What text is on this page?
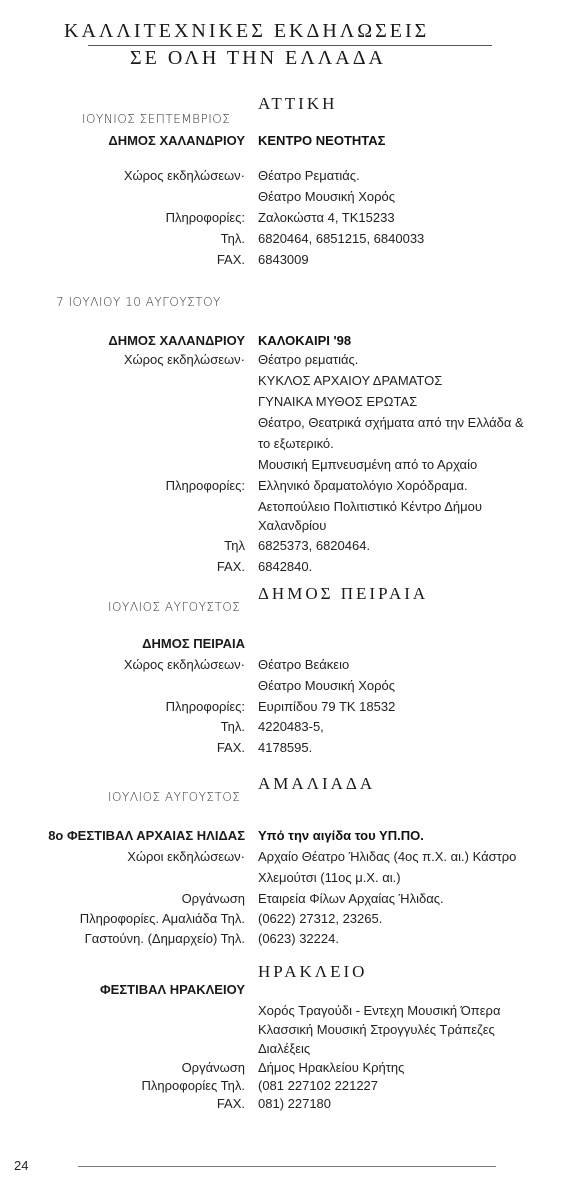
ΚΑΛΛΙΤΕΧΝΙΚΕΣ ΕΚΔΗΛΩΣΕΙΣ
ΣΕ ΟΛΗ ΤΗΝ ΕΛΛΑΔΑ
ΑΤΤΙΚΗ
ΙΟΥΝΙΟΣ ΣΕΠΤΕΜΒΡΙΟΣ
ΔΗΜΟΣ ΧΑΛΑΝΔΡΙΟΥ ΚΕΝΤΡΟ ΝΕΟΤΗΤΑΣ
Χώρος εκδηλώσεων· Θέατρο Ρεματιάς.
Θέατρο Μουσική Χορός
Πληροφορίες: Ζαλοκώστα 4, ΤΚ15233
Τηλ. 6820464, 6851215, 6840033
FAX. 6843009
7 ΙΟΥΛΙΟΥ 10 ΑΥΓΟΥΣΤΟΥ
ΔΗΜΟΣ ΧΑΛΑΝΔΡΙΟΥ ΚΑΛΟΚΑΙΡΙ '98
Χώρος εκδηλώσεων· Θέατρο ρεματιάς.
ΚΥΚΛΟΣ ΑΡΧΑΙΟΥ ΔΡΑΜΑΤΟΣ
ΓΥΝΑΙΚΑ ΜΥΘΟΣ ΕΡΩΤΑΣ
Θέατρο, Θεατρικά σχήματα από την Ελλάδα &
το εξωτερικό.
Μουσική Εμπνευσμένη από το Αρχαίο
Πληροφορίες: Ελληνικό δραματολόγιο Χορόδραμα.
Αετοπούλειο Πολιτιστικό Κέντρο Δήμου
Χαλανδρίου
Τηλ 6825373, 6820464.
FAX. 6842840.
ΔΗΜΟΣ ΠΕΙΡΑΙΑ
ΙΟΥΛΙΟΣ ΑΥΓΟΥΣΤΟΣ
ΔΗΜΟΣ ΠΕΙΡΑΙΑ
Χώρος εκδηλώσεων· Θέατρο Βεάκειο
Θέατρο Μουσική Χορός
Πληροφορίες: Ευριπίδου 79 ΤΚ 18532
Τηλ. 4220483-5,
FAX. 4178595.
ΑΜΑΛΙΑΔΑ
ΙΟΥΛΙΟΣ ΑΥΓΟΥΣΤΟΣ
8ο ΦΕΣΤΙΒΑΛ ΑΡΧΑΙΑΣ ΗΛΙΔΑΣ Υπό την αιγίδα του ΥΠ.ΠΟ.
Χώροι εκδηλώσεων· Αρχαίο Θέατρο Ήλιδας (4ος π.Χ. αι.) Κάστρο
Χλεμούτσι (11ος μ.Χ. αι.)
Οργάνωση Εταιρεία Φίλων Αρχαίας Ήλιδας.
Πληροφορίες. Αμαλιάδα Τηλ. (0622) 27312, 23265.
Γαστούνη. (Δημαρχείο) Τηλ. (0623) 32224.
ΗΡΑΚΛΕΙΟ
ΦΕΣΤΙΒΑΛ ΗΡΑΚΛΕΙΟΥ
Χορός Τραγούδι - Εντεχη Μουσική Όπερα
Κλασσική Μουσική Στρογγυλές Τράπεζες
Διαλέξεις
Οργάνωση Δήμος Ηρακλείου Κρήτης
Πληροφορίες Τηλ. (081 227102 221227
FAX. 081) 227180
24
